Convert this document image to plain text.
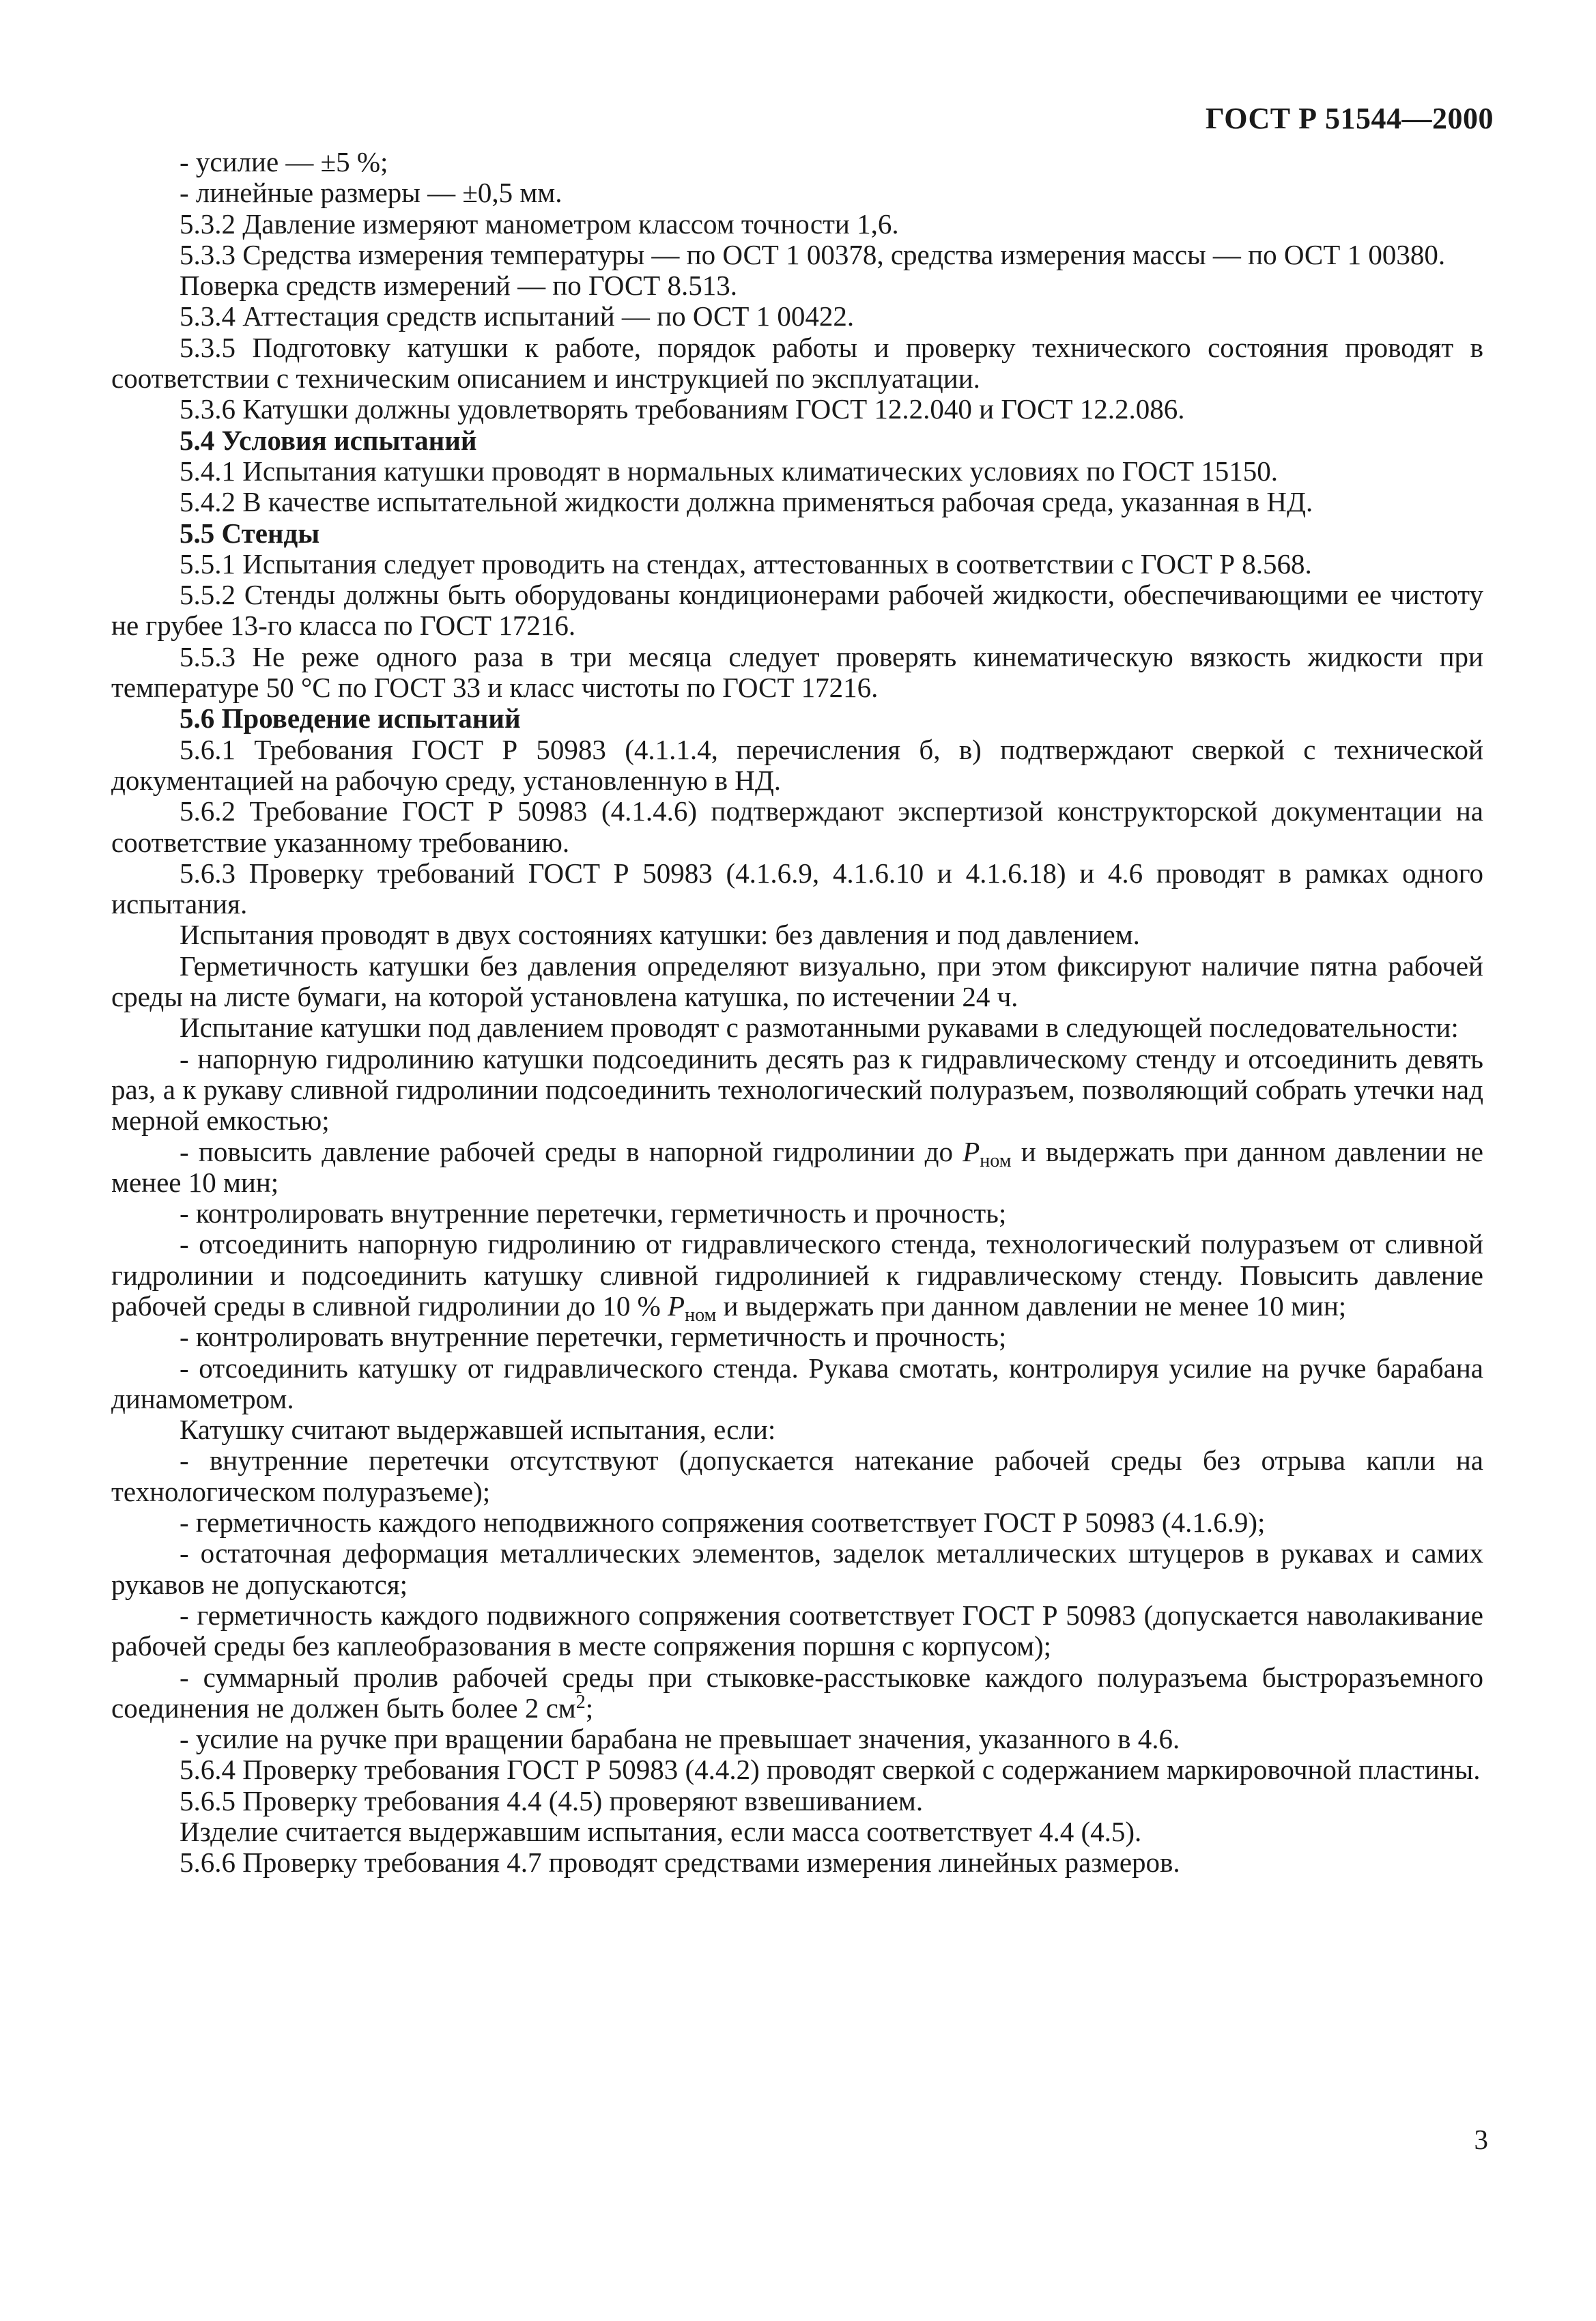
ГОСТ Р 51544—2000

- усилие — ±5 %;

- линейные размеры — ±0,5 мм.

5.3.2 Давление измеряют манометром классом точности 1,6.

5.3.3 Средства измерения температуры — по ОСТ 1 00378, средства измерения массы — по ОСТ 1 00380.

Поверка средств измерений — по ГОСТ 8.513.

5.3.4 Аттестация средств испытаний — по ОСТ 1 00422.

5.3.5 Подготовку катушки к работе, порядок работы и проверку технического состояния проводят в соответствии с техническим описанием и инструкцией по эксплуатации.

5.3.6 Катушки должны удовлетворять требованиям ГОСТ 12.2.040 и ГОСТ 12.2.086.

5.4 Условия испытаний

5.4.1 Испытания катушки проводят в нормальных климатических условиях по ГОСТ 15150.

5.4.2 В качестве испытательной жидкости должна применяться рабочая среда, указанная в НД.

5.5 Стенды

5.5.1 Испытания следует проводить на стендах, аттестованных в соответствии с ГОСТ Р 8.568.

5.5.2 Стенды должны быть оборудованы кондиционерами рабочей жидкости, обеспечивающими ее чистоту не грубее 13-го класса по ГОСТ 17216.

5.5.3 Не реже одного раза в три месяца следует проверять кинематическую вязкость жидкости при температуре 50 °С по ГОСТ 33 и класс чистоты по ГОСТ 17216.

5.6 Проведение испытаний

5.6.1 Требования ГОСТ Р 50983 (4.1.1.4, перечисления б, в) подтверждают сверкой с технической документацией на рабочую среду, установленную в НД.

5.6.2 Требование ГОСТ Р 50983 (4.1.4.6) подтверждают экспертизой конструкторской документации на соответствие указанному требованию.

5.6.3 Проверку требований ГОСТ Р 50983 (4.1.6.9, 4.1.6.10 и 4.1.6.18) и 4.6 проводят в рамках одного испытания.

Испытания проводят в двух состояниях катушки: без давления и под давлением.

Герметичность катушки без давления определяют визуально, при этом фиксируют наличие пятна рабочей среды на листе бумаги, на которой установлена катушка, по истечении 24 ч.

Испытание катушки под давлением проводят с размотанными рукавами в следующей последовательности:

- напорную гидролинию катушки подсоединить десять раз к гидравлическому стенду и отсоединить девять раз, а к рукаву сливной гидролинии подсоединить технологический полуразъем, позволяющий собрать утечки над мерной емкостью;

- повысить давление рабочей среды в напорной гидролинии до $P_{ном}$ и выдержать при данном давлении не менее 10 мин;

- контролировать внутренние перетечки, герметичность и прочность;

- отсоединить напорную гидролинию от гидравлического стенда, технологический полуразъем от сливной гидролинии и подсоединить катушку сливной гидролинией к гидравлическому стенду. Повысить давление рабочей среды в сливной гидролинии до 10 % $P_{ном}$ и выдержать при данном давлении не менее 10 мин;

- контролировать внутренние перетечки, герметичность и прочность;

- отсоединить катушку от гидравлического стенда. Рукава смотать, контролируя усилие на ручке барабана динамометром.

Катушку считают выдержавшей испытания, если:

- внутренние перетечки отсутствуют (допускается натекание рабочей среды без отрыва капли на технологическом полуразъеме);

- герметичность каждого неподвижного сопряжения соответствует ГОСТ Р 50983 (4.1.6.9);

- остаточная деформация металлических элементов, заделок металлических штуцеров в рукавах и самих рукавов не допускаются;

- герметичность каждого подвижного сопряжения соответствует ГОСТ Р 50983 (допускается наволакивание рабочей среды без каплеобразования в месте сопряжения поршня с корпусом);

- суммарный пролив рабочей среды при стыковке-расстыковке каждого полуразъема быстроразъемного соединения не должен быть более 2 $см^2$;

- усилие на ручке при вращении барабана не превышает значения, указанного в 4.6.

5.6.4 Проверку требования ГОСТ Р 50983 (4.4.2) проводят сверкой с содержанием маркировочной пластины.

5.6.5 Проверку требования 4.4 (4.5) проверяют взвешиванием.

Изделие считается выдержавшим испытания, если масса соответствует 4.4 (4.5).

5.6.6 Проверку требования 4.7 проводят средствами измерения линейных размеров.

3
